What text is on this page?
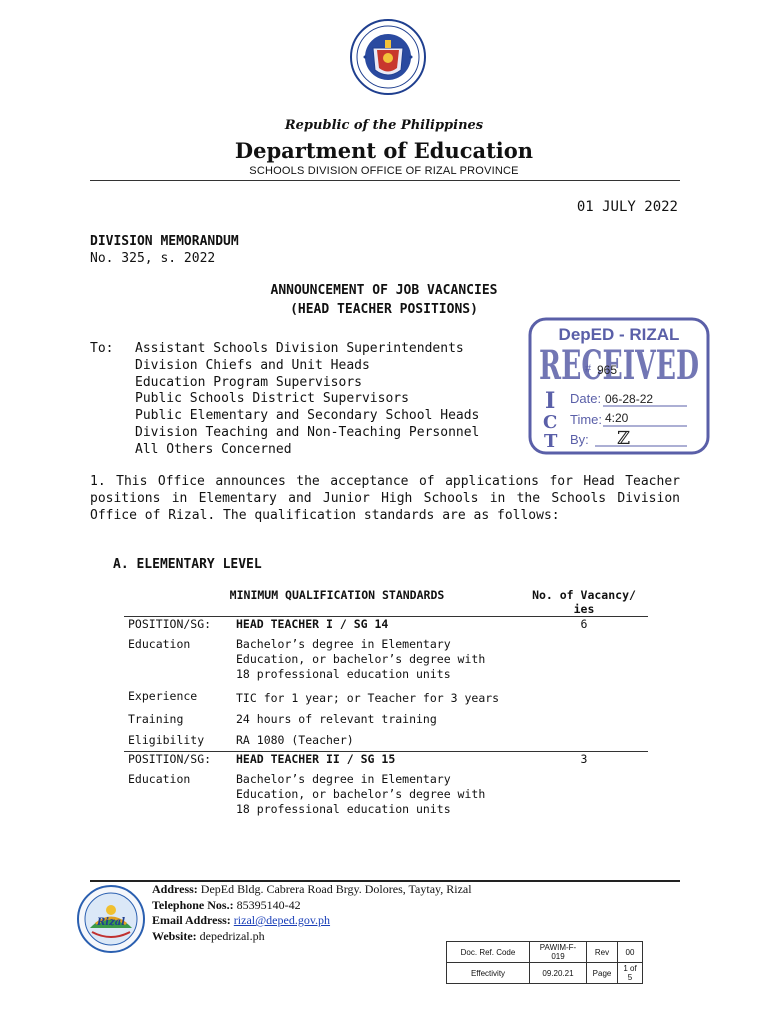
Republic of the Philippines
Department of Education
SCHOOLS DIVISION OFFICE OF RIZAL PROVINCE
01 JULY 2022
DIVISION MEMORANDUM
No. 325, s. 2022
ANNOUNCEMENT OF JOB VACANCIES
(HEAD TEACHER POSITIONS)
To: Assistant Schools Division Superintendents
Division Chiefs and Unit Heads
Education Program Supervisors
Public Schools District Supervisors
Public Elementary and Secondary School Heads
Division Teaching and Non-Teaching Personnel
All Others Concerned
DepED - RIZAL
RECEIVED
# 965
I
C
T
Date: 06-28-22
Time: 4:20
By: ℤ
1. This Office announces the acceptance of applications for Head Teacher positions in Elementary and Junior High Schools in the Schools Division Office of Rizal. The qualification standards are as follows:
A. ELEMENTARY LEVEL
MINIMUM QUALIFICATION STANDARDS		No. of Vacancy/
ies

POSITION/SG:	HEAD TEACHER I / SG 14	6
Education	Bachelor’s degree in Elementary Education, or bachelor’s degree with 18 professional education units	
Experience	TIC for 1 year; or Teacher for 3 years	
Training	24 hours of relevant training	
Eligibility	RA 1080 (Teacher)	

POSITION/SG:	HEAD TEACHER II / SG 15	3
Education	Bachelor’s degree in Elementary Education, or bachelor’s degree with 18 professional education units	
Rizal
Address: DepEd Bldg. Cabrera Road Brgy. Dolores, Taytay, Rizal
Telephone Nos.: 85395140-42
Email Address: rizal@deped.gov.ph
Website: depedrizal.ph
Doc. Ref. Code	PAWIM-F-019	Rev	00
Effectivity	09.20.21	Page	1 of 5
